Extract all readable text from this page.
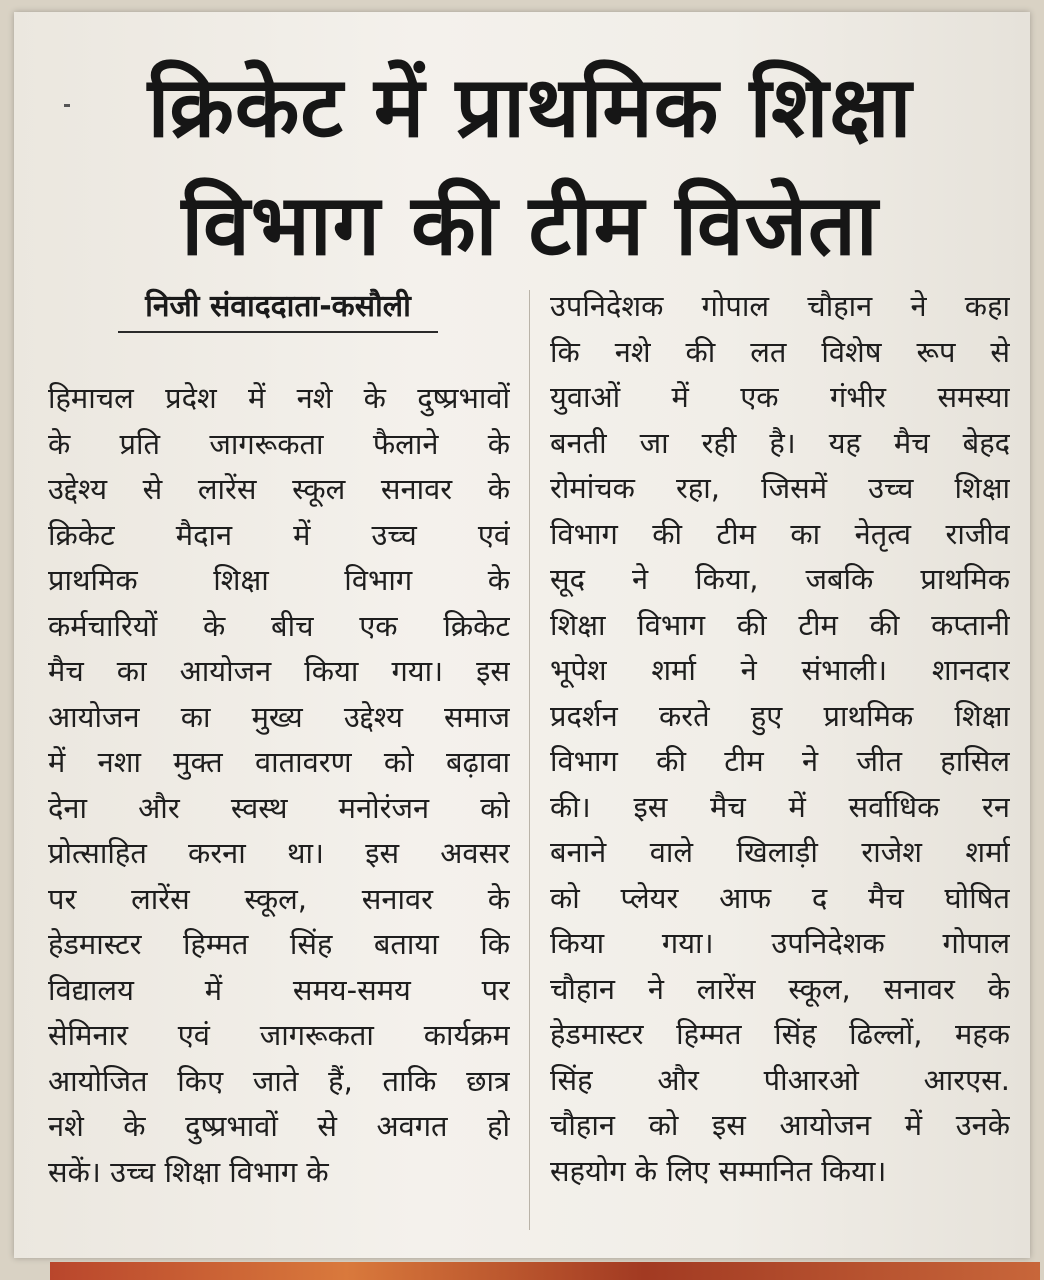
क्रिकेट में प्राथमिक शिक्षा
विभाग की टीम विजेता
निजी संवाददाता-कसौली
हिमाचल प्रदेश में नशे के दुष्प्रभावों
के प्रति जागरूकता फैलाने के
उद्देश्य से लारेंस स्कूल सनावर के
क्रिकेट मैदान में उच्च एवं
प्राथमिक शिक्षा विभाग के
कर्मचारियों के बीच एक क्रिकेट
मैच का आयोजन किया गया। इस
आयोजन का मुख्य उद्देश्य समाज
में नशा मुक्त वातावरण को बढ़ावा
देना और स्वस्थ मनोरंजन को
प्रोत्साहित करना था। इस अवसर
पर लारेंस स्कूल, सनावर के
हेडमास्टर हिम्मत सिंह बताया कि
विद्यालय में समय-समय पर
सेमिनार एवं जागरूकता कार्यक्रम
आयोजित किए जाते हैं, ताकि छात्र
नशे के दुष्प्रभावों से अवगत हो
सकें। उच्च शिक्षा विभाग के
उपनिदेशक गोपाल चौहान ने कहा
कि नशे की लत विशेष रूप से
युवाओं में एक गंभीर समस्या
बनती जा रही है। यह मैच बेहद
रोमांचक रहा, जिसमें उच्च शिक्षा
विभाग की टीम का नेतृत्व राजीव
सूद ने किया, जबकि प्राथमिक
शिक्षा विभाग की टीम की कप्तानी
भूपेश शर्मा ने संभाली। शानदार
प्रदर्शन करते हुए प्राथमिक शिक्षा
विभाग की टीम ने जीत हासिल
की। इस मैच में सर्वाधिक रन
बनाने वाले खिलाड़ी राजेश शर्मा
को प्लेयर आफ द मैच घोषित
किया गया। उपनिदेशक गोपाल
चौहान ने लारेंस स्कूल, सनावर के
हेडमास्टर हिम्मत सिंह ढिल्लों, महक
सिंह और पीआरओ आरएस.
चौहान को इस आयोजन में उनके
सहयोग के लिए सम्मानित किया।
